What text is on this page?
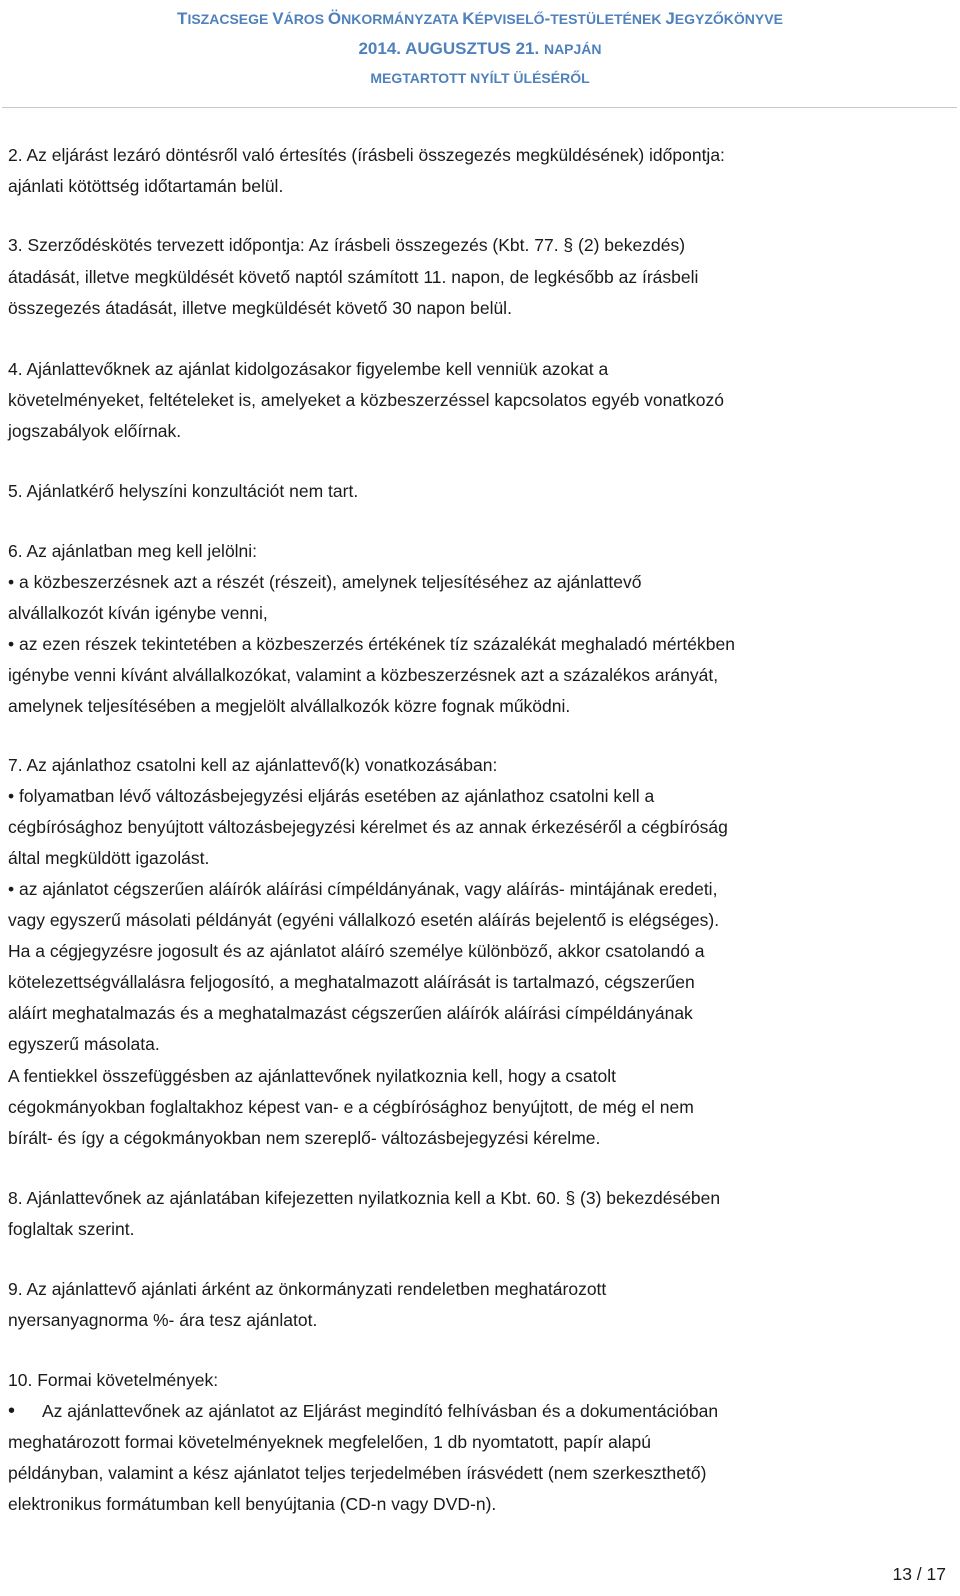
TISZACSEGE VÁROS ÖNKORMÁNYZATA KÉPVISELŐ-TESTÜLETÉNEK JEGYZŐKÖNYVE
2014. AUGUSZTUS 21. NAPJÁN
MEGTARTOTT NYÍLT ÜLÉSÉRŐL

2. Az eljárást lezáró döntésről való értesítés (írásbeli összegezés megküldésének) időpontja:

ajánlati kötöttség időtartamán belül.

3. Szerződéskötés tervezett időpontja: Az írásbeli összegezés (Kbt. 77. § (2) bekezdés)

átadását, illetve megküldését követő naptól számított 11. napon, de legkésőbb az írásbeli

összegezés átadását, illetve megküldését követő 30 napon belül.

4. Ajánlattevőknek az ajánlat kidolgozásakor figyelembe kell venniük azokat a

követelményeket, feltételeket is, amelyeket a közbeszerzéssel kapcsolatos egyéb vonatkozó

jogszabályok előírnak.

5. Ajánlatkérő helyszíni konzultációt nem tart.

6. Az ajánlatban meg kell jelölni:

• a közbeszerzésnek azt a részét (részeit), amelynek teljesítéséhez az ajánlattevő

alvállalkozót kíván igénybe venni,

• az ezen részek tekintetében a közbeszerzés értékének tíz százalékát meghaladó mértékben

igénybe venni kívánt alvállalkozókat, valamint a közbeszerzésnek azt a százalékos arányát,

amelynek teljesítésében a megjelölt alvállalkozók közre fognak működni.

7. Az ajánlathoz csatolni kell az ajánlattevő(k) vonatkozásában:

• folyamatban lévő változásbejegyzési eljárás esetében az ajánlathoz csatolni kell a

cégbírósághoz benyújtott változásbejegyzési kérelmet és az annak érkezéséről a cégbíróság

által megküldött igazolást.

• az ajánlatot cégszerűen aláírók aláírási címpéldányának, vagy aláírás- mintájának eredeti,

vagy egyszerű másolati példányát (egyéni vállalkozó esetén aláírás bejelentő is elégséges).

Ha a cégjegyzésre jogosult és az ajánlatot aláíró személye különböző, akkor csatolandó a

kötelezettségvállalásra feljogosító, a meghatalmazott aláírását is tartalmazó, cégszerűen

aláírt meghatalmazás és a meghatalmazást cégszerűen aláírók aláírási címpéldányának

egyszerű másolata.

A fentiekkel összefüggésben az ajánlattevőnek nyilatkoznia kell, hogy a csatolt

cégokmányokban foglaltakhoz képest van- e a cégbírósághoz benyújtott, de még el nem

bírált- és így a cégokmányokban nem szereplő- változásbejegyzési kérelme.

8. Ajánlattevőnek az ajánlatában kifejezetten nyilatkoznia kell a Kbt. 60. § (3) bekezdésében

foglaltak szerint.

9. Az ajánlattevő ajánlati árként az önkormányzati rendeletben meghatározott

nyersanyagnorma %- ára tesz ajánlatot.

10. Formai követelmények:

• Az ajánlattevőnek az ajánlatot az Eljárást megindító felhívásban és a dokumentációban

meghatározott formai követelményeknek megfelelően, 1 db nyomtatott, papír alapú

példányban, valamint a kész ajánlatot teljes terjedelmében írásvédett (nem szerkeszthető)

elektronikus formátumban kell benyújtania (CD-n vagy DVD-n).

13 / 17
